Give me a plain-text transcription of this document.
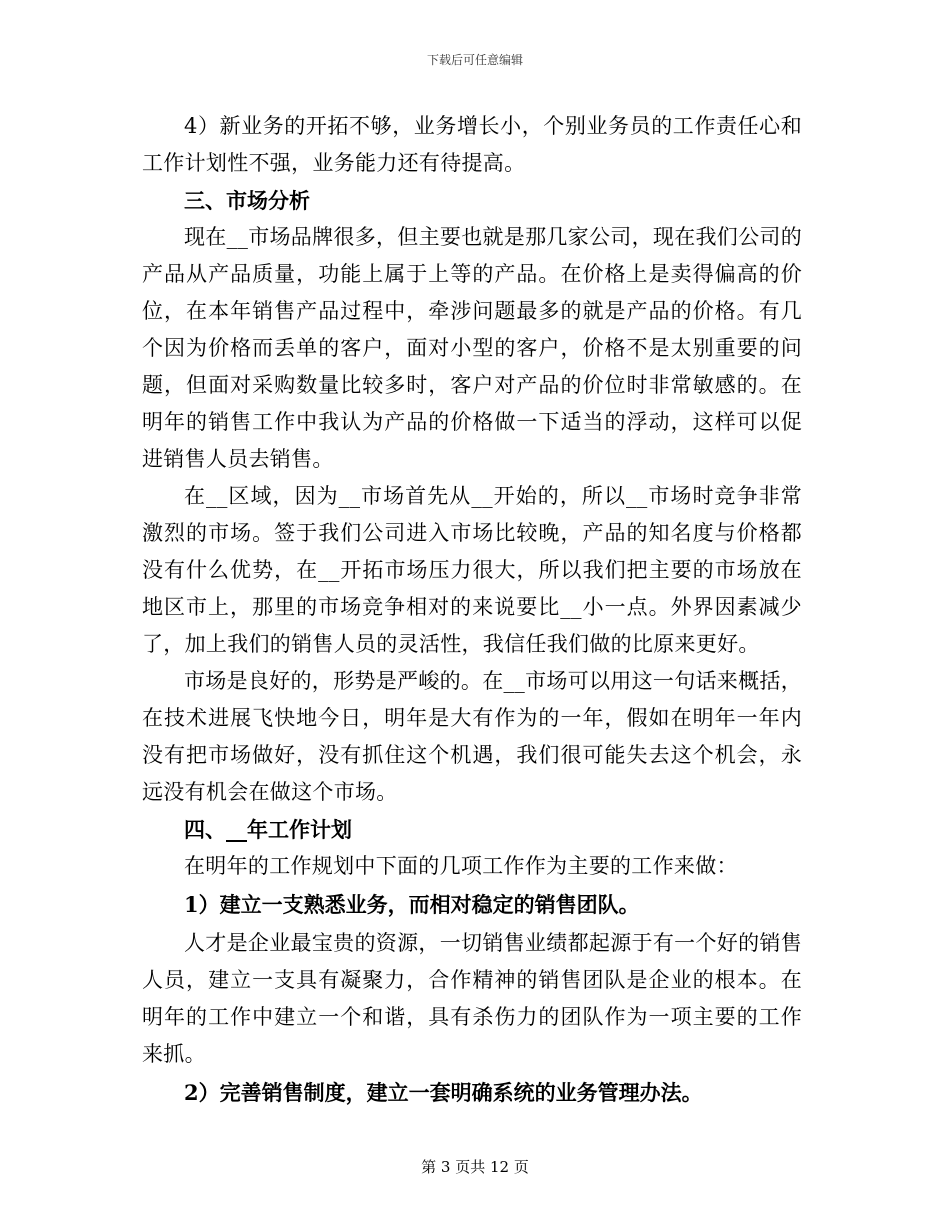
下载后可任意编辑

4）新业务的开拓不够，业务增长小，个别业务员的工作责任心和工作计划性不强，业务能力还有待提高。

三、市场分析

现在__市场品牌很多，但主要也就是那几家公司，现在我们公司的产品从产品质量，功能上属于上等的产品。在价格上是卖得偏高的价位，在本年销售产品过程中，牵涉问题最多的就是产品的价格。有几个因为价格而丢单的客户，面对小型的客户，价格不是太别重要的问题，但面对采购数量比较多时，客户对产品的价位时非常敏感的。在明年的销售工作中我认为产品的价格做一下适当的浮动，这样可以促进销售人员去销售。

在__区域，因为__市场首先从__开始的，所以__市场时竞争非常激烈的市场。签于我们公司进入市场比较晚，产品的知名度与价格都没有什么优势，在__开拓市场压力很大，所以我们把主要的市场放在地区市上，那里的市场竞争相对的来说要比__小一点。外界因素减少了，加上我们的销售人员的灵活性，我信任我们做的比原来更好。

市场是良好的，形势是严峻的。在__市场可以用这一句话来概括，在技术进展飞快地今日，明年是大有作为的一年，假如在明年一年内没有把市场做好，没有抓住这个机遇，我们很可能失去这个机会，永远没有机会在做这个市场。

四、__年工作计划

在明年的工作规划中下面的几项工作作为主要的工作来做：

1）建立一支熟悉业务，而相对稳定的销售团队。

人才是企业最宝贵的资源，一切销售业绩都起源于有一个好的销售人员，建立一支具有凝聚力，合作精神的销售团队是企业的根本。在明年的工作中建立一个和谐，具有杀伤力的团队作为一项主要的工作来抓。

2）完善销售制度，建立一套明确系统的业务管理办法。

第 3 页共 12 页
